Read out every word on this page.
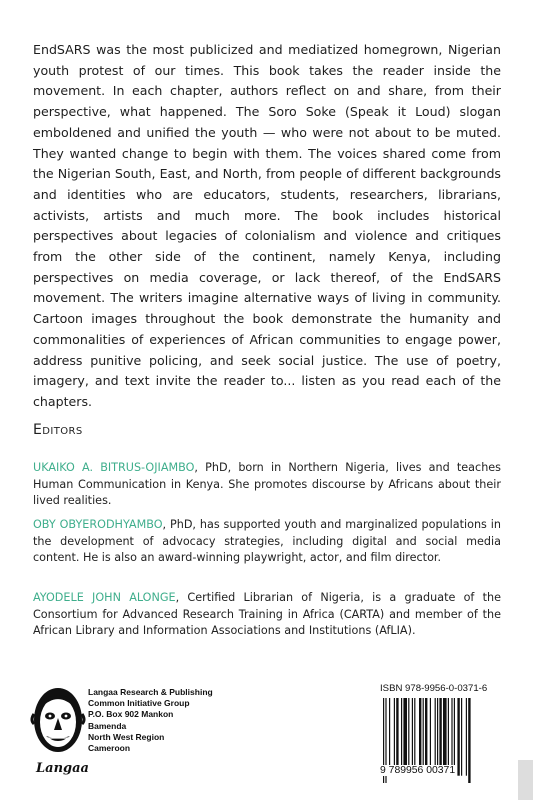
EndSARS was the most publicized and mediatized homegrown, Nigerian youth protest of our times. This book takes the reader inside the movement. In each chapter, authors reflect on and share, from their perspective, what happened. The Soro Soke (Speak it Loud) slogan emboldened and unified the youth — who were not about to be muted. They wanted change to begin with them. The voices shared come from the Nigerian South, East, and North, from people of different backgrounds and identities who are educators, students, researchers, librarians, activists, artists and much more. The book includes historical perspectives about legacies of colonialism and violence and critiques from the other side of the continent, namely Kenya, including perspectives on media coverage, or lack thereof, of the EndSARS movement. The writers imagine alternative ways of living in community. Cartoon images throughout the book demonstrate the humanity and commonalities of experiences of African communities to engage power, address punitive policing, and seek social justice. The use of poetry, imagery, and text invite the reader to... listen as you read each of the chapters.

Editors

UKAIKO A. BITRUS-OJIAMBO, PhD, born in Northern Nigeria, lives and teaches Human Communication in Kenya. She promotes discourse by Africans about their lived realities.

OBY OBYERODHYAMBO, PhD, has supported youth and marginalized populations in the development of advocacy strategies, including digital and social media content. He is also an award-winning playwright, actor, and film director.

AYODELE JOHN ALONGE, Certified Librarian of Nigeria, is a graduate of the Consortium for Advanced Research Training in Africa (CARTA) and member of the African Library and Information Associations and Institutions (AfLIA).

Langaa
Langaa Research & Publishing
Common Initiative Group
P.O. Box 902 Mankon
Bamenda
North West Region
Cameroon
ISBN 978-9956-0-0371-6
9 789956 00371
